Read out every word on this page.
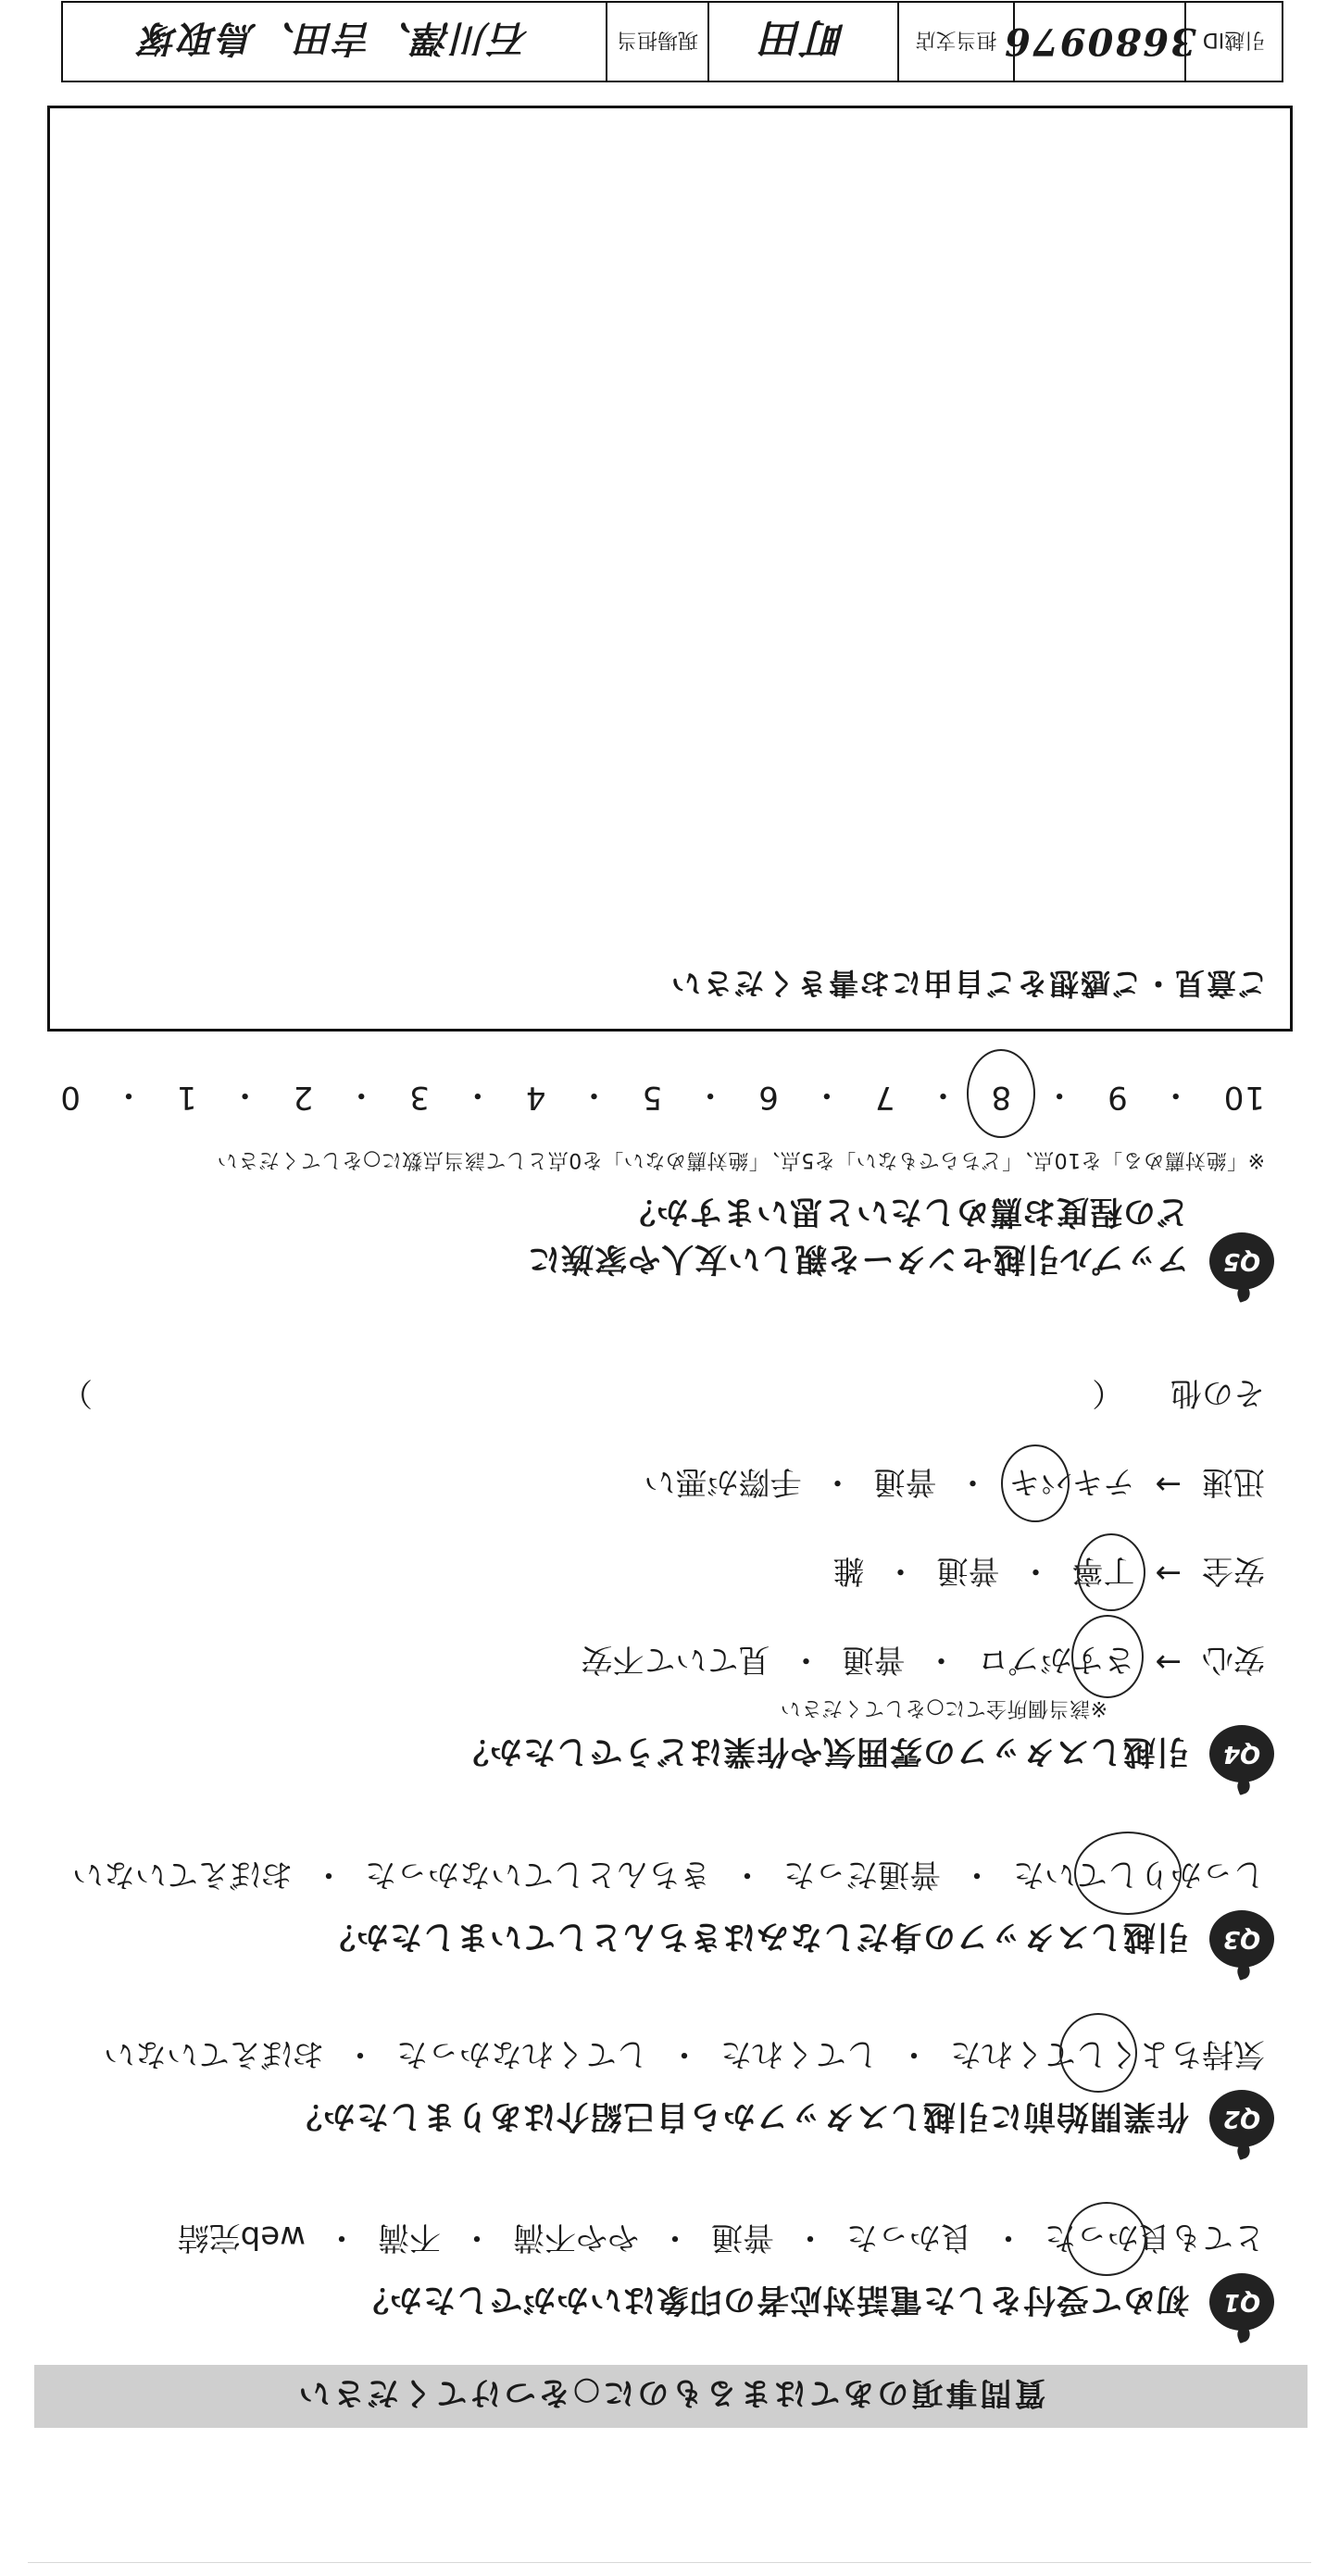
質問事項のあてはまるものに○をつけてください
Q1
初めて受付をした電話対応者の印象はいかがでしたか？
とても良かった
・
良かった
・
普通
・
やや不満
・
不満
・
web完結
Q2
作業開始前に引越しスタッフから自己紹介はありましたか？
気持ちよくしてくれた
・
してくれた
・
してくれなかった
・
おぼえていない
Q3
引越しスタッフの身だしなみはきちんとしていましたか？
しっかりしていた
・
普通だった
・
きちんとしていなかった
・
おぼえていない
Q4
引越しスタッフの雰囲気や作業はどうでしたか？
※該当個所全てに○をしてください
安心
→
さすがプロ
・
普通
・
見ていて不安
安全
→
丁寧
・
普通
・
雑
迅速
→
テキパキ
・
普通
・
手際が悪い
その他 （
）
Q5
アップル引越センターを親しい友人や家族に
どの程度お薦めしたいと思いますか？
※「絶対薦める」を10点、「どちらでもない」を5点、「絶対薦めない」を0点として該当点数に○をしてください
10
・
9
・
8
・
7
・
6
・
5
・
4
・
3
・
2
・
1
・
0
ご意見・ご感想をご自由にお書きください
引越ID
3680976
担当支店
町田
現場担当
石川澤、吉田、鳥取塚
